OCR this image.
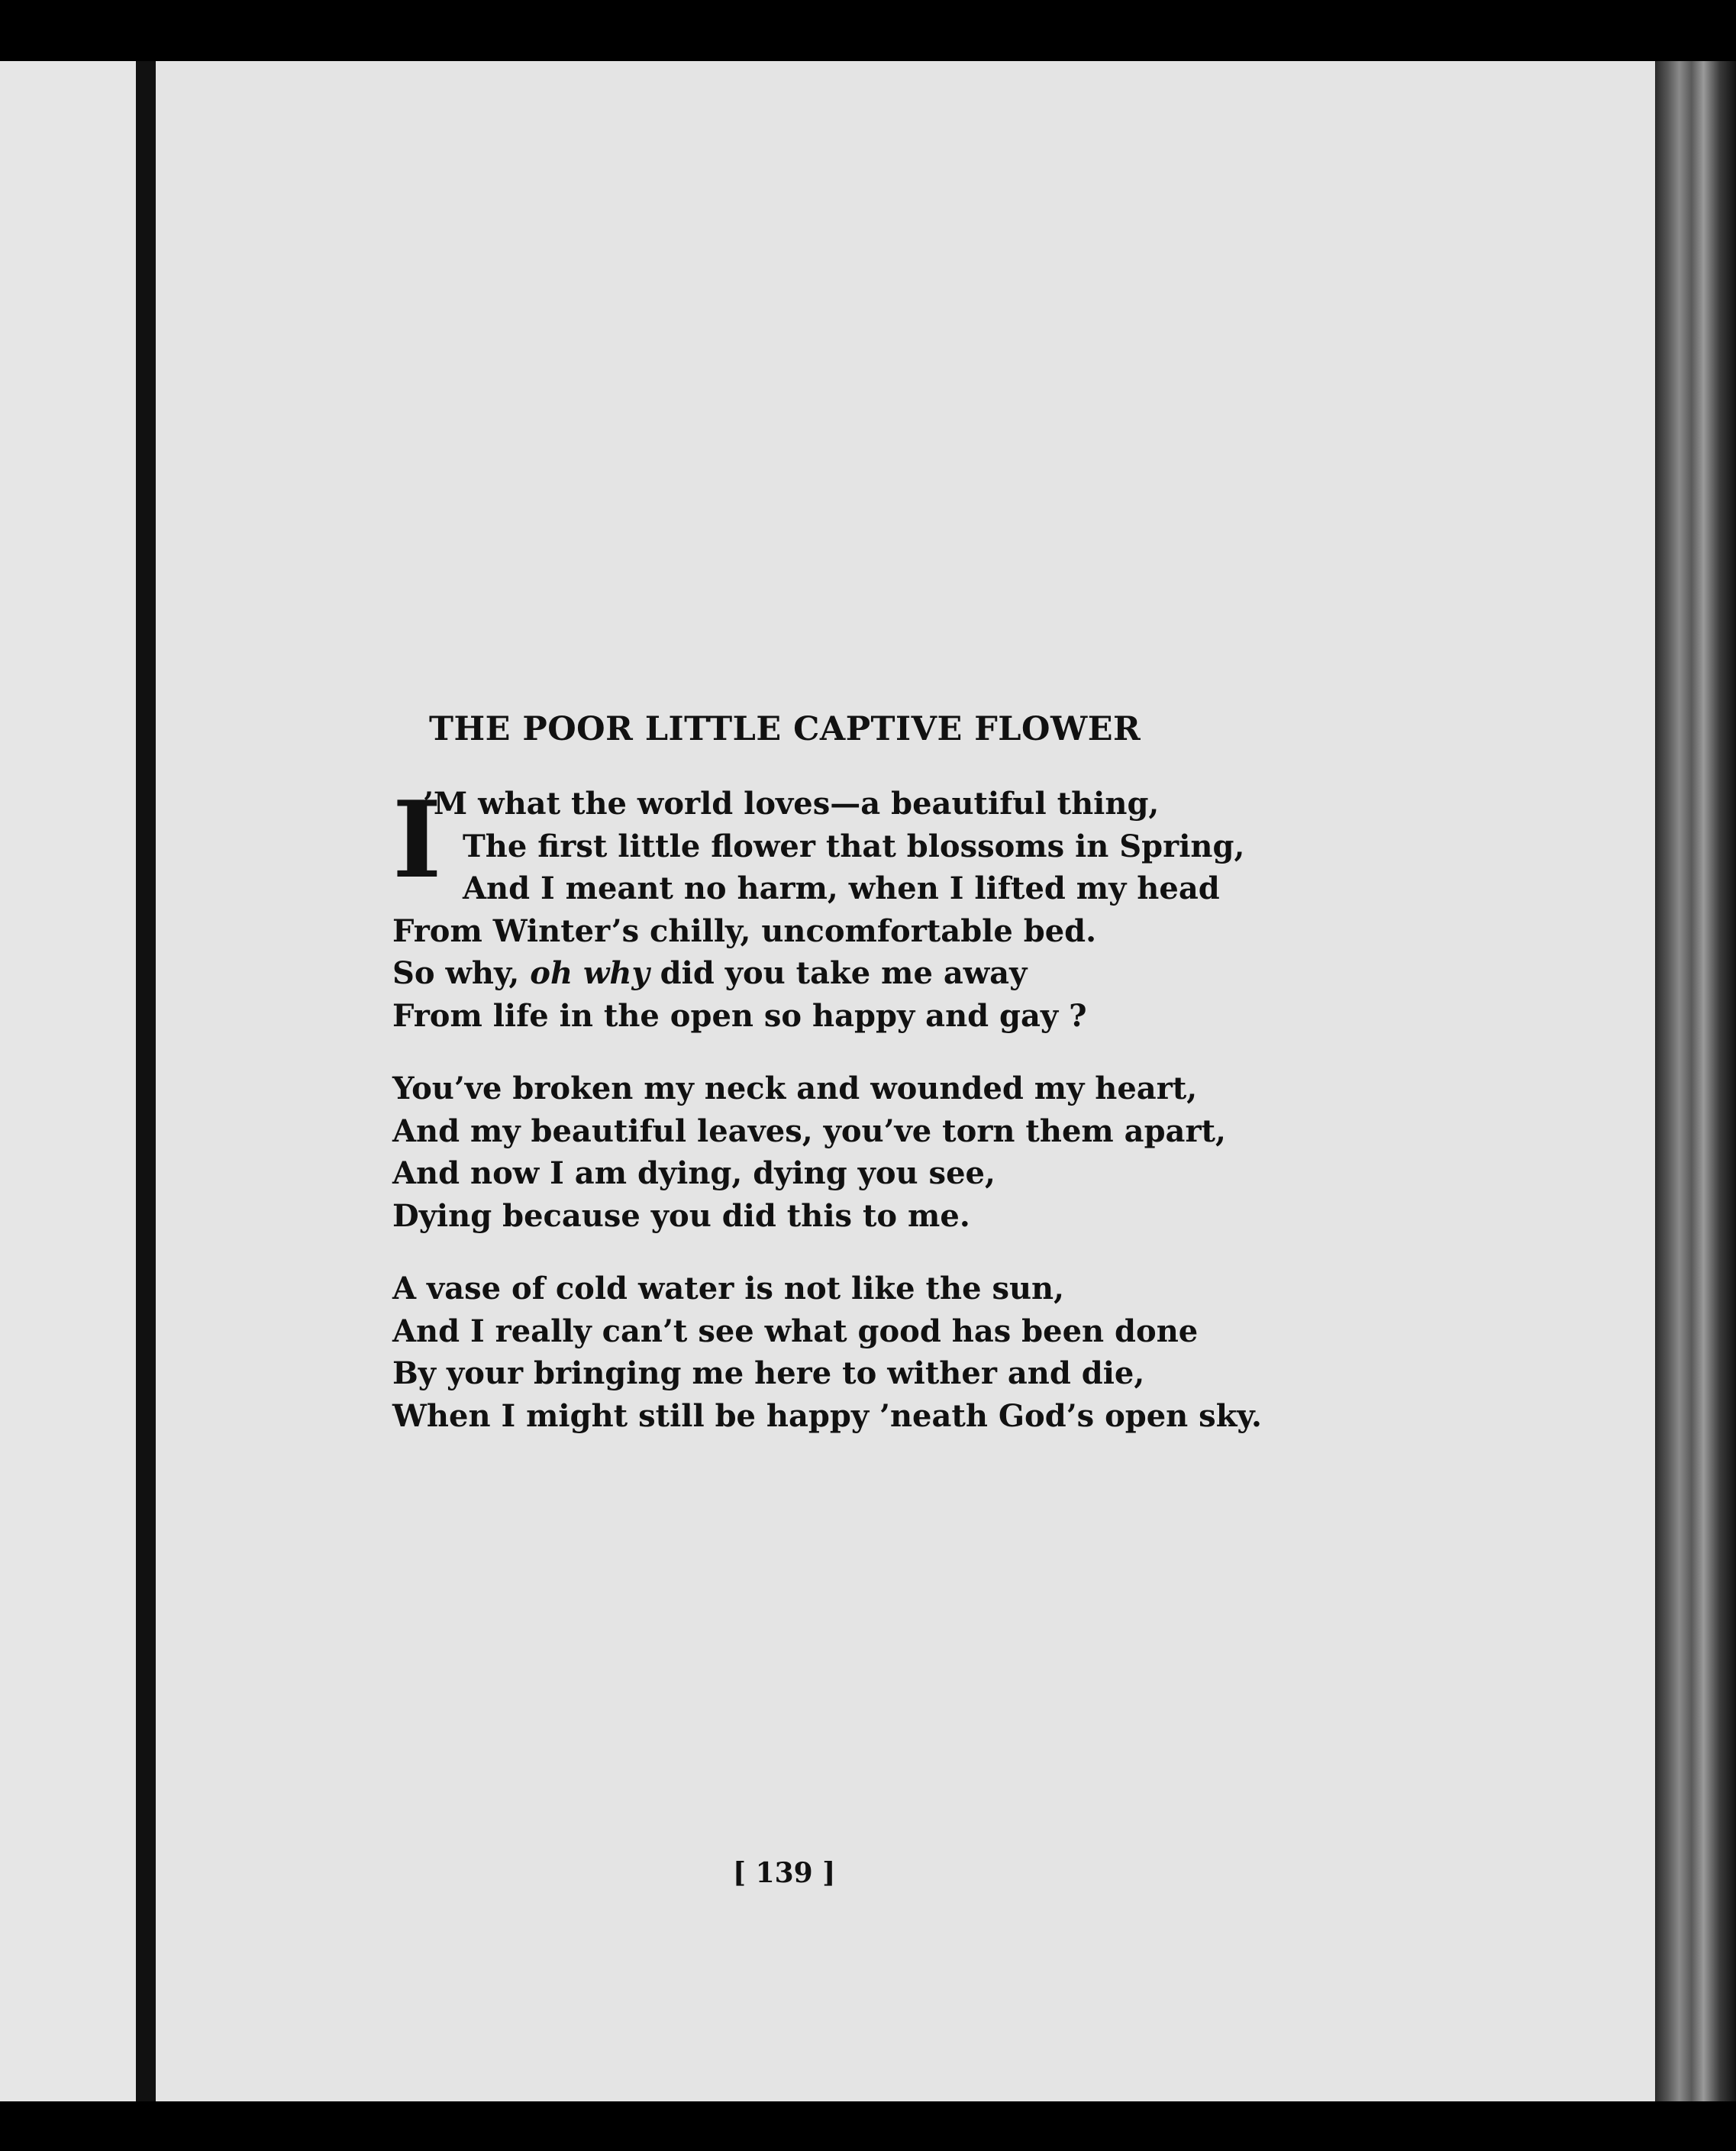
THE POOR LITTLE CAPTIVE FLOWER
I
’M what the world loves—a beautiful thing,
The first little flower that blossoms in Spring,
And I meant no harm, when I lifted my head
From Winter’s chilly, uncomfortable bed.
So why, oh why did you take me away
From life in the open so happy and gay ?
You’ve broken my neck and wounded my heart,
And my beautiful leaves, you’ve torn them apart,
And now I am dying, dying you see,
Dying because you did this to me.
A vase of cold water is not like the sun,
And I really can’t see what good has been done
By your bringing me here to wither and die,
When I might still be happy ’neath God’s open sky.
[ 139 ]
